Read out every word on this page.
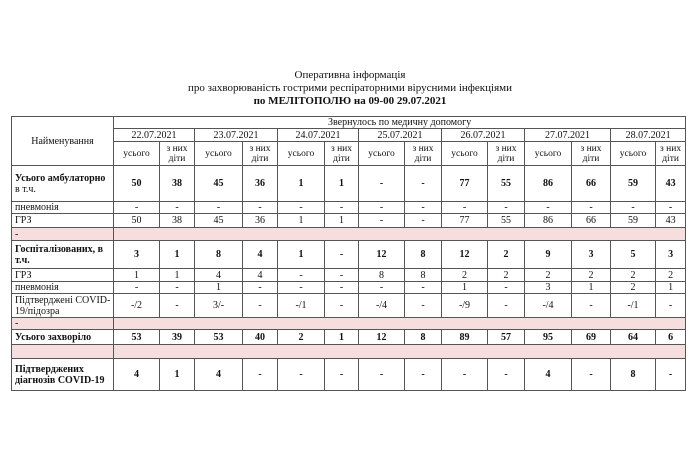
Оперативна інформація
про захворюваність гострими респіраторними вірусними інфекціями
по МЕЛІТОПОЛЮ на 09-00 29.07.2021
Найменування	Звернулось по медичну допомогу													
	22.07.2021		23.07.2021		24.07.2021		25.07.2021		26.07.2021		27.07.2021		28.07.2021	
	усього	з них діти	усього	з них діти	усього	з них діти	усього	з них діти	усього	з них діти	усього	з них діти	усього	з них діти
Усього амбулаторно в т.ч.	50	38	45	36	1	1	-	-	77	55	86	66	59	43
пневмонія	-	-	-	-	-	-	-	-	-	-	-	-	-	-
ГРЗ	50	38	45	36	1	1	-	-	77	55	86	66	59	43
-														
Госпіталізованих, в т.ч.	3	1	8	4	1	-	12	8	12	2	9	3	5	3
ГРЗ	1	1	4	4	-	-	8	8	2	2	2	2	2	2
пневмонія	-	-	1	-	-	-	-	-	1	-	3	1	2	1
Підтверджені COVID-19/підозра	-/2	-	3/-	-	-/1	-	-/4	-	-/9	-	-/4	-	-/1	-
-														
Усього захворіло	53	39	53	40	2	1	12	8	89	57	95	69	64	6

Підтверджених діагнозів COVID-19	4	1	4	-	-	-	-	-	-	-	4	-	8	-
